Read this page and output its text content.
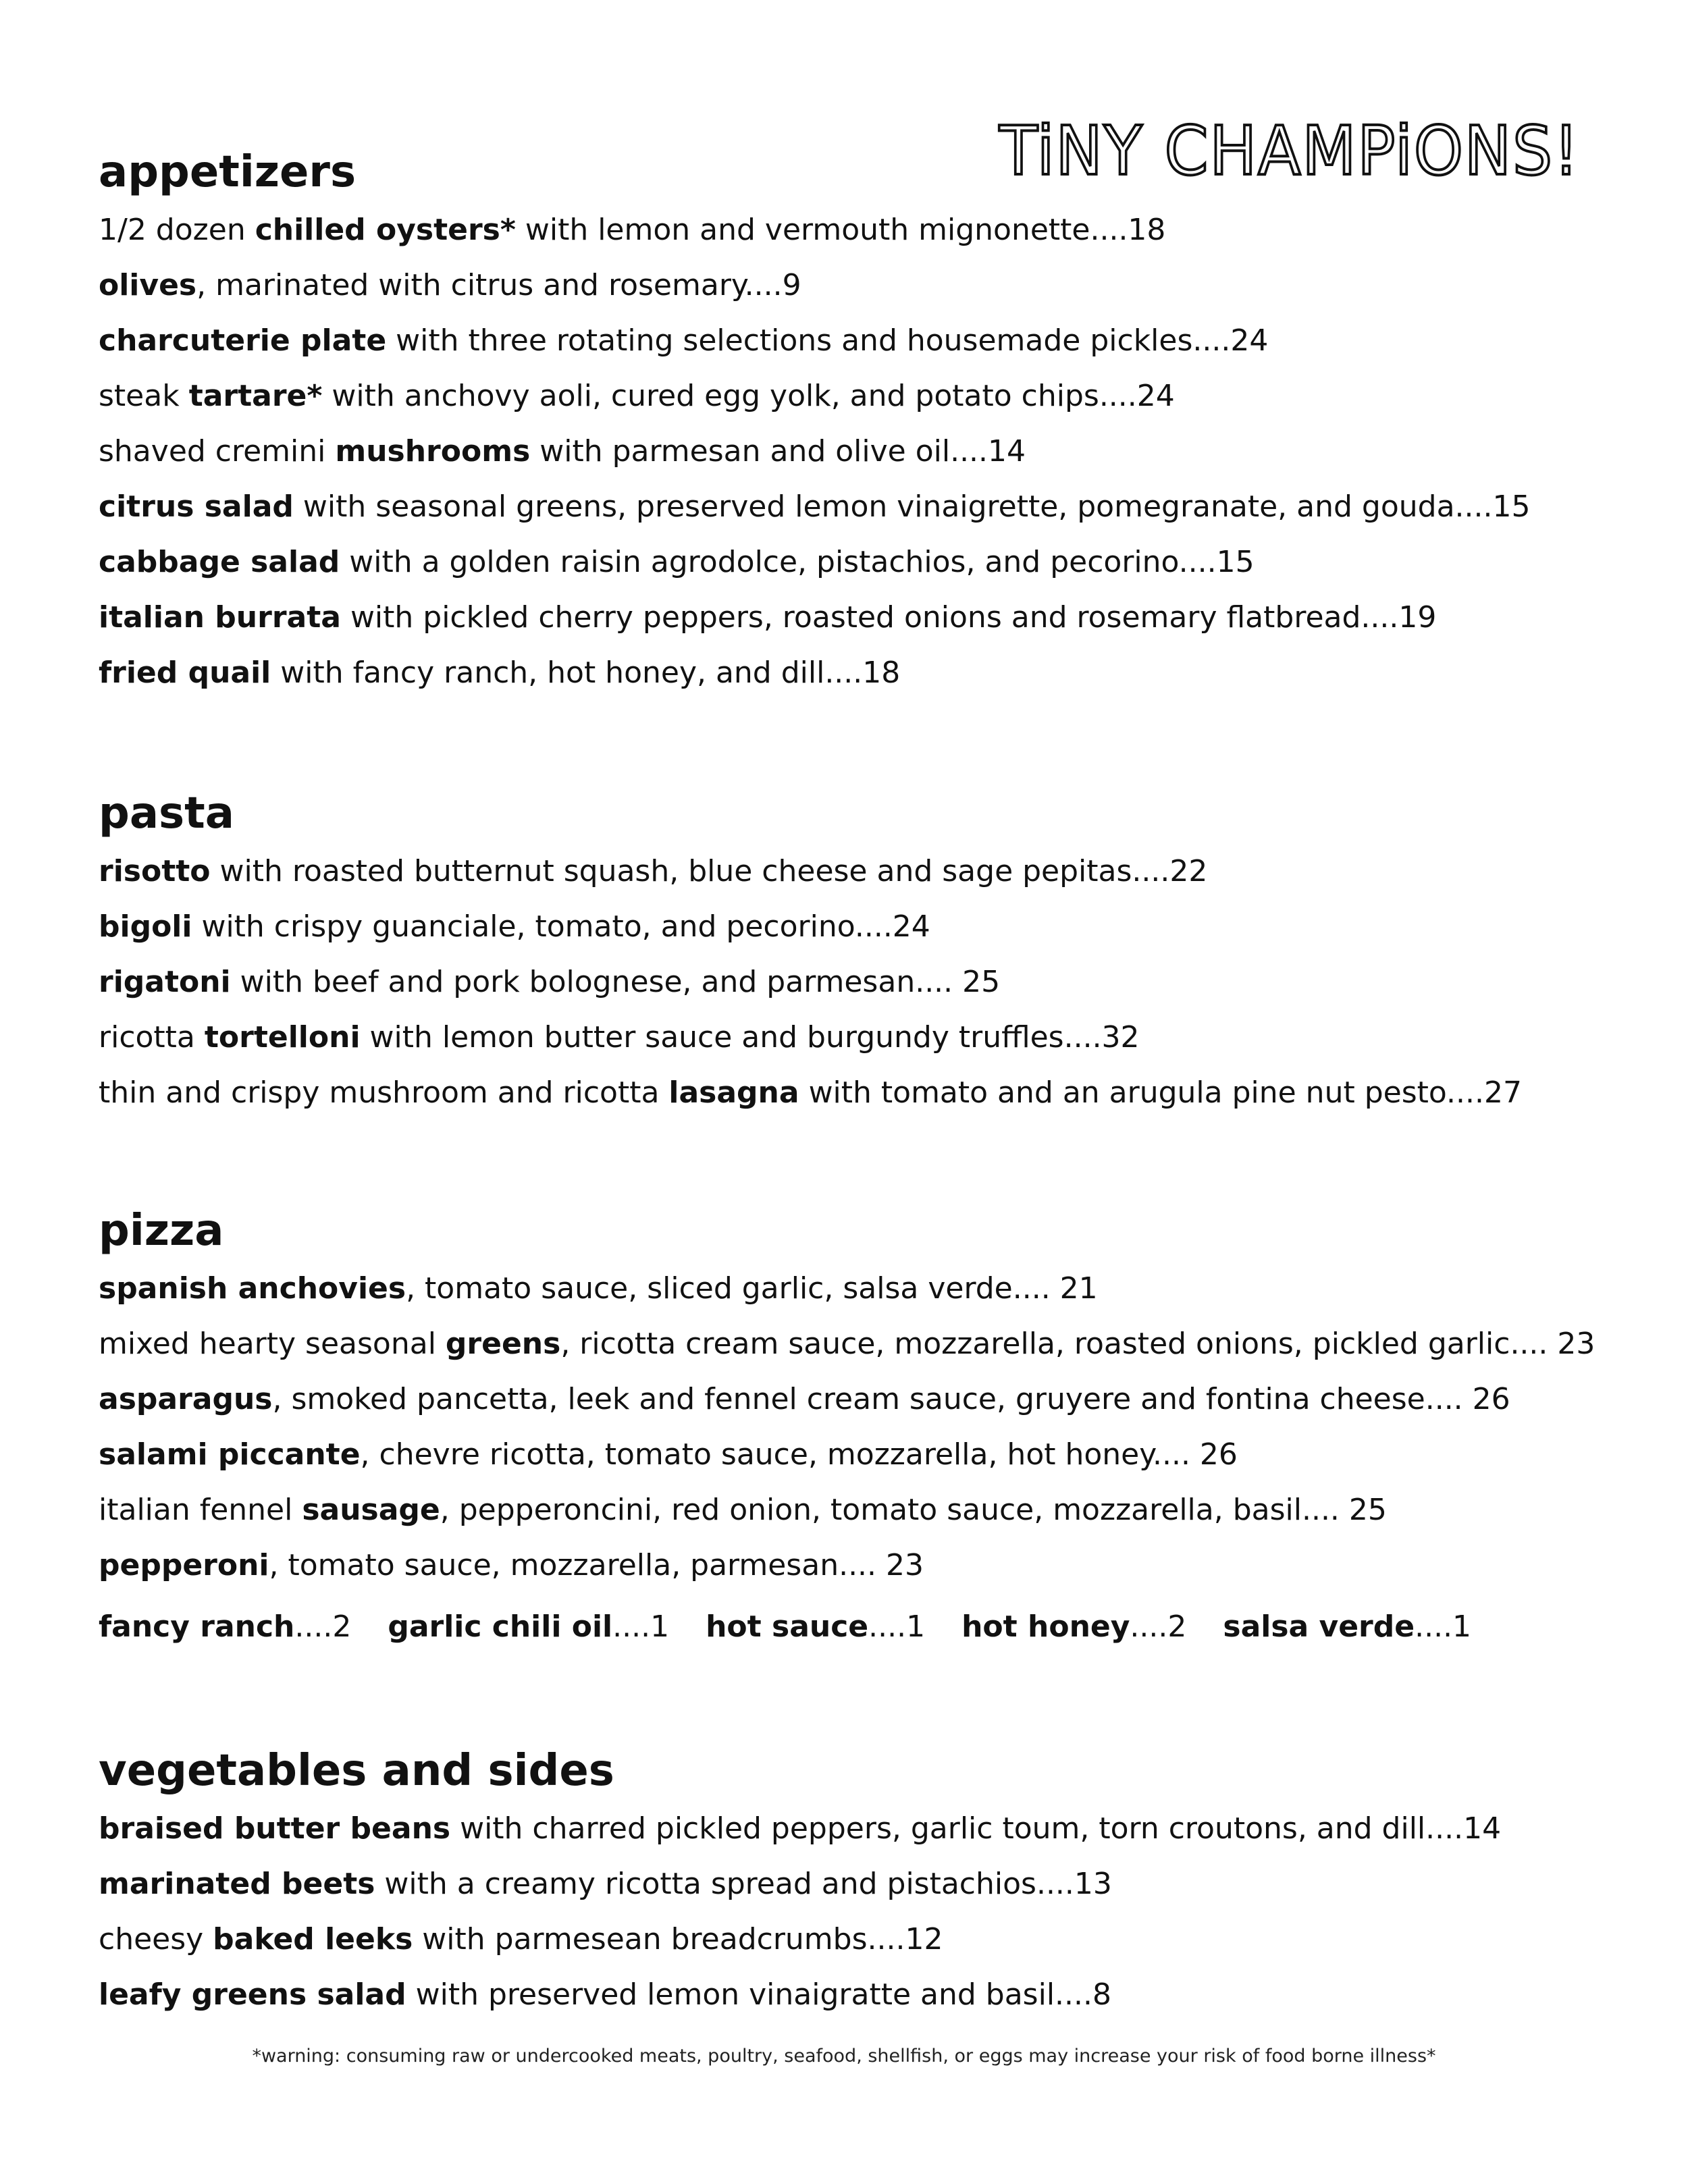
TiNY CHAMPiONS!
appetizers
1/2 dozen chilled oysters* with lemon and vermouth mignonette....18
olives, marinated with citrus and rosemary....9
charcuterie plate with three rotating selections and housemade pickles....24
steak tartare* with anchovy aoli, cured egg yolk, and potato chips....24
shaved cremini mushrooms with parmesan and olive oil....14
citrus salad with seasonal greens, preserved lemon vinaigrette, pomegranate, and gouda....15
cabbage salad with a golden raisin agrodolce, pistachios, and pecorino....15
italian burrata with pickled cherry peppers, roasted onions and rosemary flatbread....19
fried quail with fancy ranch, hot honey, and dill....18
pasta
risotto with roasted butternut squash, blue cheese and sage pepitas....22
bigoli with crispy guanciale, tomato, and pecorino....24
rigatoni with beef and pork bolognese, and parmesan.... 25
ricotta tortelloni with lemon butter sauce and burgundy truffles....32
thin and crispy mushroom and ricotta lasagna with tomato and an arugula pine nut pesto....27
pizza
spanish anchovies, tomato sauce, sliced garlic, salsa verde.... 21
mixed hearty seasonal greens, ricotta cream sauce, mozzarella, roasted onions, pickled garlic.... 23
asparagus, smoked pancetta, leek and fennel cream sauce, gruyere and fontina cheese.... 26
salami piccante, chevre ricotta, tomato sauce, mozzarella, hot honey.... 26
italian fennel sausage, pepperoncini, red onion, tomato sauce, mozzarella, basil.... 25
pepperoni, tomato sauce, mozzarella, parmesan.... 23
fancy ranch....2 garlic chili oil....1 hot sauce....1 hot honey....2 salsa verde....1
vegetables and sides
braised butter beans with charred pickled peppers, garlic toum, torn croutons, and dill....14
marinated beets with a creamy ricotta spread and pistachios....13
cheesy baked leeks with parmesean breadcrumbs....12
leafy greens salad with preserved lemon vinaigratte and basil....8
*warning: consuming raw or undercooked meats, poultry, seafood, shellfish, or eggs may increase your risk of food borne illness*
